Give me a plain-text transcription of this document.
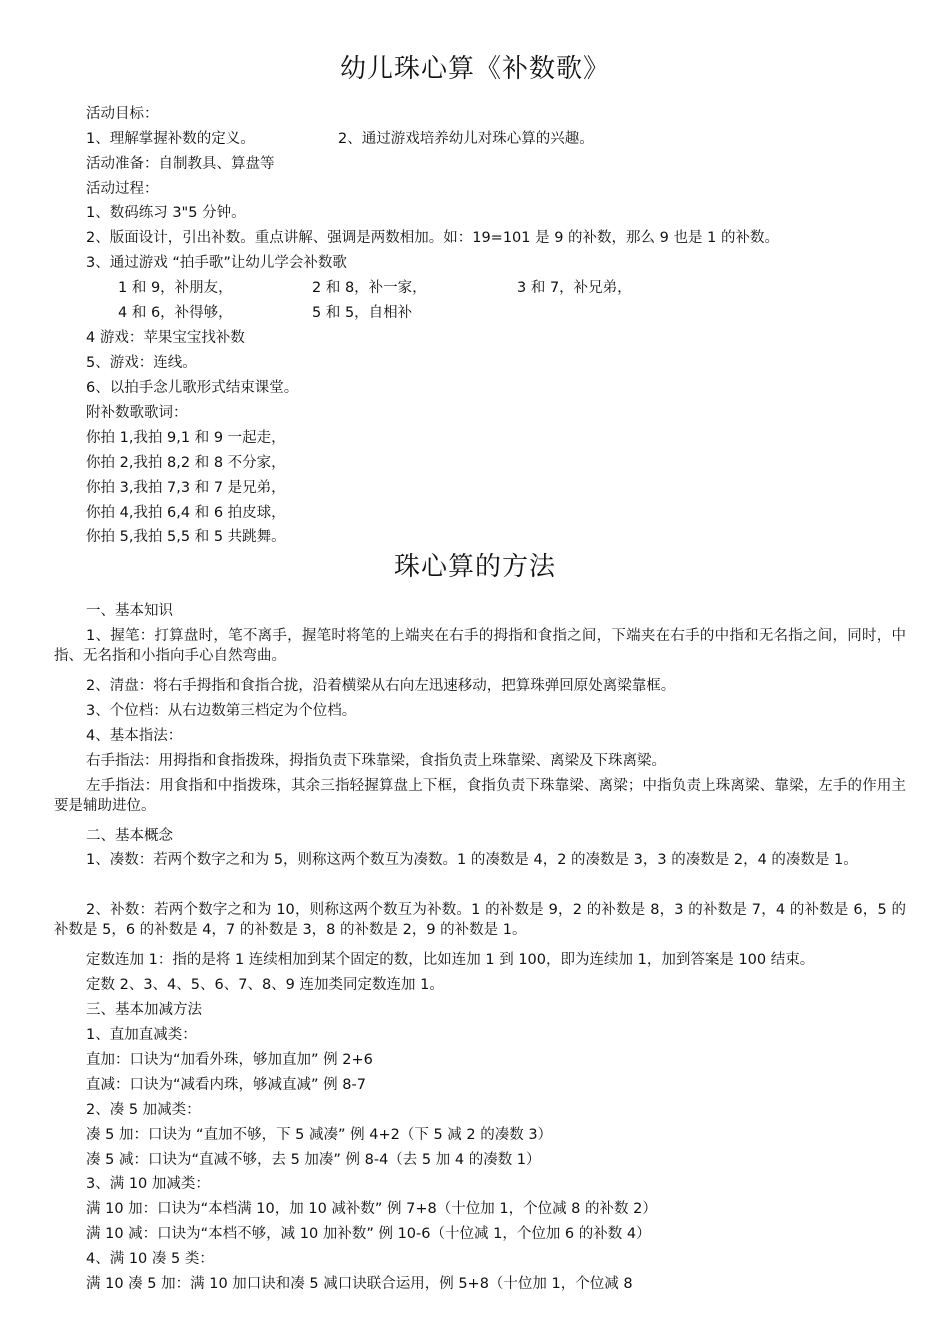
幼儿珠心算《补数歌》
活动目标：
1、理解掌握补数的定义。	2、通过游戏培养幼儿对珠心算的兴趣。
活动准备：自制教具、算盘等
活动过程：
1、数码练习 3"5 分钟。
2、版面设计，引出补数。重点讲解、强调是两数相加。如：19=101 是 9 的补数，那么 9 也是 1 的补数。
3、通过游戏 “拍手歌”让幼儿学会补数歌
1 和 9，补朋友，	2 和 8，补一家，	3 和 7，补兄弟，
4 和 6，补得够，	5 和 5，自相补
4 游戏：苹果宝宝找补数
5、游戏：连线。
6、以拍手念儿歌形式结束课堂。
附补数歌歌词：
你拍 1,我拍 9,1 和 9 一起走，
你拍 2,我拍 8,2 和 8 不分家，
你拍 3,我拍 7,3 和 7 是兄弟，
你拍 4,我拍 6,4 和 6 拍皮球，
你拍 5,我拍 5,5 和 5 共跳舞。
珠心算的方法
一、基本知识
1、握笔：打算盘时，笔不离手，握笔时将笔的上端夹在右手的拇指和食指之间，下端夹在右手的中指和无名指之间，同时，中指、无名指和小指向手心自然弯曲。
2、清盘：将右手拇指和食指合拢，沿着横梁从右向左迅速移动，把算珠弹回原处离梁靠框。
3、个位档：从右边数第三档定为个位档。
4、基本指法：
右手指法：用拇指和食指拨珠，拇指负责下珠靠梁，食指负责上珠靠梁、离梁及下珠离梁。
左手指法：用食指和中指拨珠，其余三指轻握算盘上下框，食指负责下珠靠梁、离梁；中指负责上珠离梁、靠梁，左手的作用主要是辅助进位。
二、基本概念
1、凑数：若两个数字之和为 5，则称这两个数互为凑数。1 的凑数是 4，2 的凑数是 3，3 的凑数是 2，4 的凑数是 1。
2、补数：若两个数字之和为 10，则称这两个数互为补数。1 的补数是 9，2 的补数是 8，3 的补数是 7，4 的补数是 6，5 的补数是 5，6 的补数是 4，7 的补数是 3，8 的补数是 2，9 的补数是 1。
定数连加 1：指的是将 1 连续相加到某个固定的数，比如连加 1 到 100，即为连续加 1，加到答案是 100 结束。
定数 2、3、4、5、6、7、8、9 连加类同定数连加 1。
三、基本加减方法
1、直加直减类：
直加：口诀为“加看外珠，够加直加” 例 2+6
直减：口诀为“减看内珠，够减直减” 例 8-7
2、凑 5 加减类：
凑 5 加：口诀为 “直加不够，下 5 减凑” 例 4+2（下 5 减 2 的凑数 3）
凑 5 减：口诀为“直减不够，去 5 加凑” 例 8-4（去 5 加 4 的凑数 1）
3、满 10 加减类：
满 10 加：口诀为“本档满 10，加 10 减补数” 例 7+8（十位加 1，个位减 8 的补数 2）
满 10 减：口诀为“本档不够，减 10 加补数” 例 10-6（十位减 1，个位加 6 的补数 4）
4、满 10 凑 5 类：
满 10 凑 5 加：满 10 加口诀和凑 5 减口诀联合运用，例 5+8（十位加 1，个位减 8
